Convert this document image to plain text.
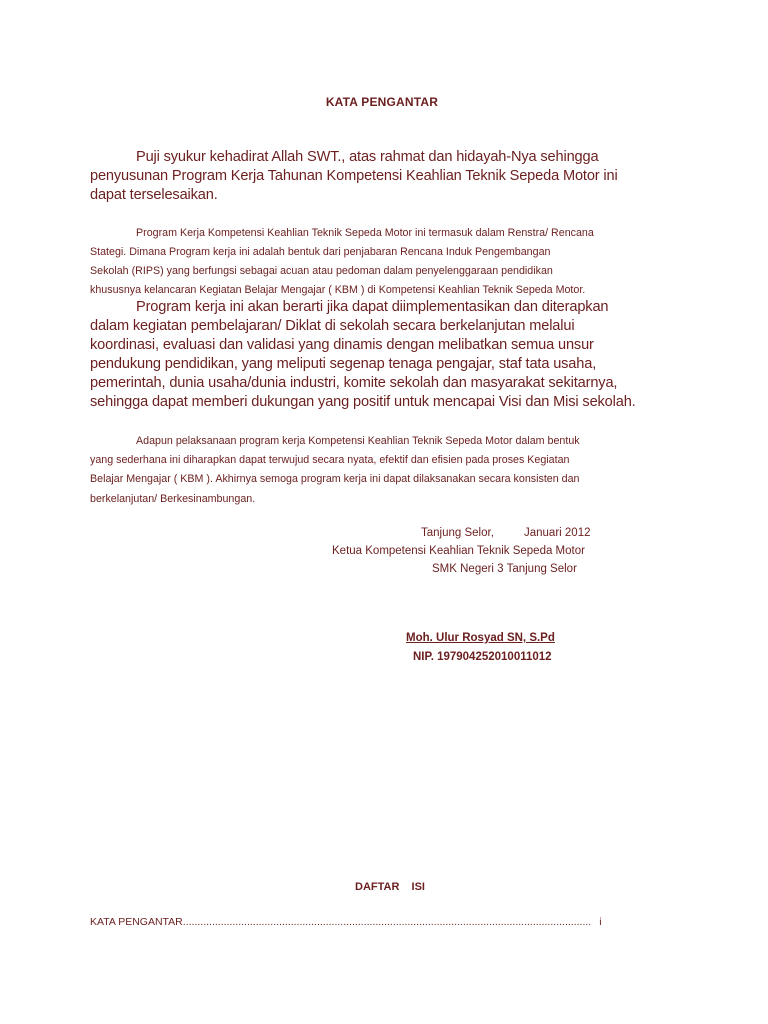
KATA PENGANTAR
Puji syukur kehadirat Allah SWT., atas rahmat dan hidayah-Nya sehingga
penyusunan Program Kerja Tahunan Kompetensi Keahlian Teknik Sepeda Motor ini
dapat terselesaikan.
Program Kerja Kompetensi Keahlian Teknik Sepeda Motor ini termasuk dalam Renstra/ Rencana
Stategi. Dimana Program kerja ini adalah bentuk dari penjabaran Rencana Induk Pengembangan
Sekolah (RIPS) yang berfungsi sebagai acuan atau pedoman dalam penyelenggaraan pendidikan
khususnya kelancaran Kegiatan Belajar Mengajar ( KBM ) di Kompetensi Keahlian Teknik Sepeda Motor.
Program kerja ini akan berarti jika dapat diimplementasikan dan diterapkan
dalam kegiatan pembelajaran/ Diklat di sekolah secara berkelanjutan melalui
koordinasi, evaluasi dan validasi yang dinamis dengan melibatkan semua unsur
pendukung pendidikan, yang meliputi segenap tenaga pengajar, staf tata usaha,
pemerintah, dunia usaha/dunia industri, komite sekolah dan masyarakat sekitarnya,
sehingga dapat memberi dukungan yang positif untuk mencapai Visi dan Misi sekolah.
Adapun pelaksanaan program kerja Kompetensi Keahlian Teknik Sepeda Motor dalam bentuk
yang sederhana ini diharapkan dapat terwujud secara nyata, efektif dan efisien pada proses Kegiatan
Belajar Mengajar ( KBM ). Akhirnya semoga program kerja ini dapat dilaksanakan secara konsisten dan
berkelanjutan/ Berkesinambungan.
Tanjung Selor,	Januari 2012
Ketua Kompetensi Keahlian Teknik Sepeda Motor
SMK Negeri 3 Tanjung Selor
Moh. Ulur Rosyad SN, S.Pd
NIP. 197904252010011012
DAFTAR  ISI
KATA PENGANTAR............................................................................................................................................ i
